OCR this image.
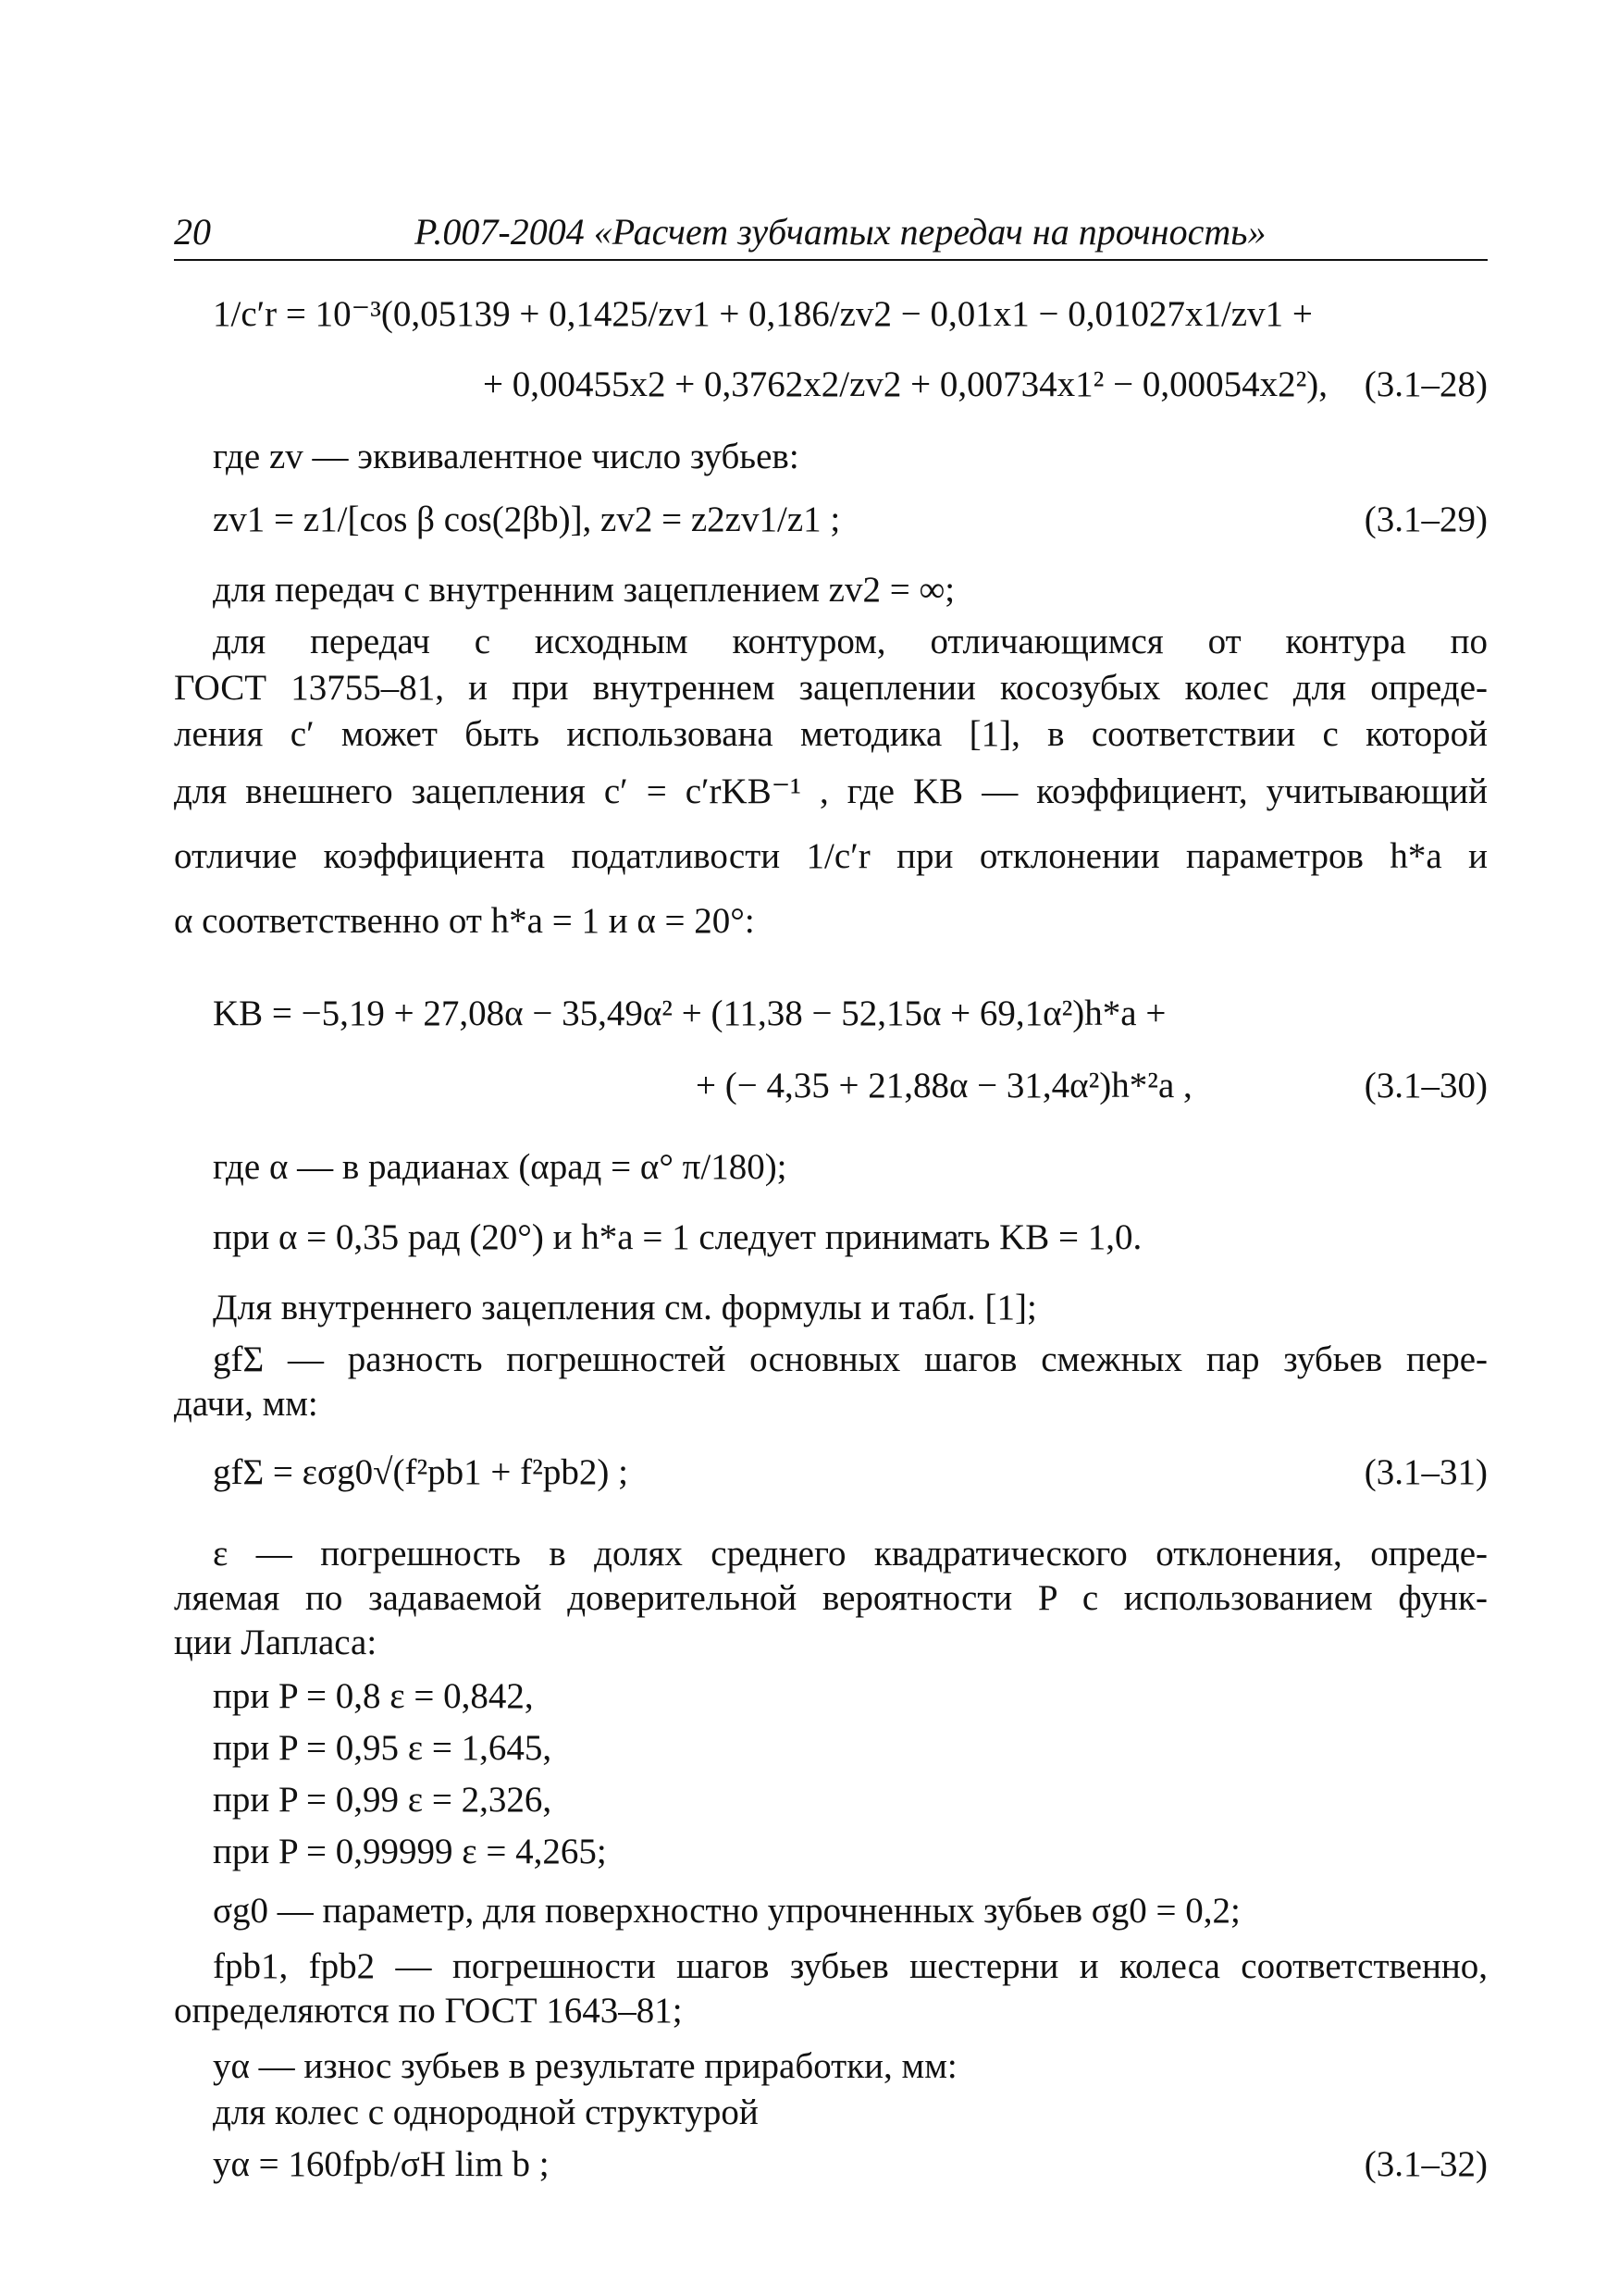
20	Р.007-2004 «Расчет зубчатых передач на прочность»
1/c′r = 10⁻³(0,05139 + 0,1425/zv1 + 0,186/zv2 − 0,01x1 − 0,01027x1/zv1 +
+ 0,00455x2 + 0,3762x2/zv2 + 0,00734x1² − 0,00054x2²), (3.1–28)
где zv — эквивалентное число зубьев:
zv1 = z1/[cos β cos(2βb)], zv2 = z2zv1/z1 ;	(3.1–29)
для передач с внутренним зацеплением zv2 = ∞;
для передач с исходным контуром, отличающимся от контура по
ГОСТ 13755–81, и при внутреннем зацеплении косозубых колес для опреде-
ления c′ может быть использована методика [1], в соответствии с которой
для внешнего зацепления c′ = c′rKB⁻¹ , где KB — коэффициент, учитывающий
отличие коэффициента податливости 1/c′r при отклонении параметров h*a и
α соответственно от h*a = 1 и α = 20°:
KB = −5,19 + 27,08α − 35,49α² + (11,38 − 52,15α + 69,1α²)h*a +
+ (− 4,35 + 21,88α − 31,4α²)h*²a ,	(3.1–30)
где α — в радианах (αрад = α° π/180);
при α = 0,35 рад (20°) и h*a = 1 следует принимать KB = 1,0.
Для внутреннего зацепления см. формулы и табл. [1];
gfΣ — разность погрешностей основных шагов смежных пар зубьев пере-
дачи, мм:
gfΣ = εσg0√(f²pb1 + f²pb2) ;	(3.1–31)
ε — погрешность в долях среднего квадратического отклонения, опреде-
ляемая по задаваемой доверительной вероятности P с использованием функ-
ции Лапласа:
при P = 0,8 ε = 0,842,
при P = 0,95 ε = 1,645,
при P = 0,99 ε = 2,326,
при P = 0,99999 ε = 4,265;
σg0 — параметр, для поверхностно упрочненных зубьев σg0 = 0,2;
fpb1, fpb2 — погрешности шагов зубьев шестерни и колеса соответственно,
определяются по ГОСТ 1643–81;
yα — износ зубьев в результате приработки, мм:
для колес с однородной структурой
yα = 160fpb/σH lim b ;	(3.1–32)
